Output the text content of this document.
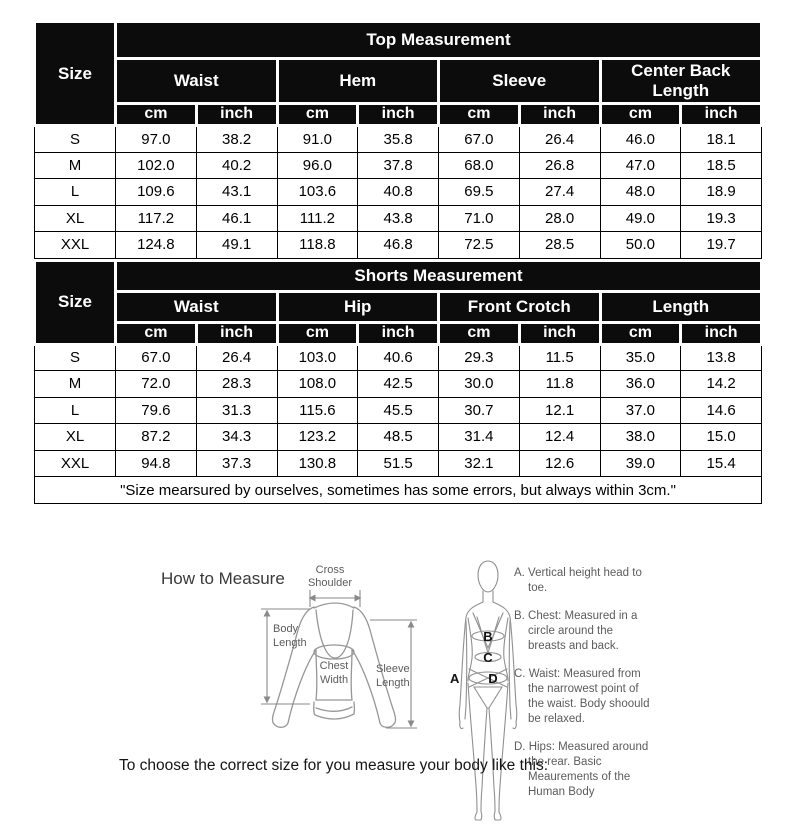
Size	Top Measurement							
	Waist		Hem		Sleeve		Center Back Length	
	cm	inch	cm	inch	cm	inch	cm	inch
S	97.0	38.2	91.0	35.8	67.0	26.4	46.0	18.1
M	102.0	40.2	96.0	37.8	68.0	26.8	47.0	18.5
L	109.6	43.1	103.6	40.8	69.5	27.4	48.0	18.9
XL	117.2	46.1	111.2	43.8	71.0	28.0	49.0	19.3
XXL	124.8	49.1	118.8	46.8	72.5	28.5	50.0	19.7
Size	Shorts Measurement							
	Waist		Hip		Front Crotch		Length	
	cm	inch	cm	inch	cm	inch	cm	inch
S	67.0	26.4	103.0	40.6	29.3	11.5	35.0	13.8
M	72.0	28.3	108.0	42.5	30.0	11.8	36.0	14.2
L	79.6	31.3	115.6	45.5	30.7	12.1	37.0	14.6
XL	87.2	34.3	123.2	48.5	31.4	12.4	38.0	15.0
XXL	94.8	37.3	130.8	51.5	32.1	12.6	39.0	15.4
"Size mearsured by ourselves, sometimes has some errors, but always within 3cm."								
How to Measure	Cross
Shoulder
Body
Length
Chest
Width
Sleeve
Length
B
C
D
A
A. Vertical height head to toe.
B. Chest: Measured in a circle around the breasts and back.
C. Waist: Measured from the narrowest point of the waist. Body shoould be relaxed.
D. Hips: Measured around the rear. Basic Meaurements of the Human Body
To choose the correct size for you measure your body like this:
